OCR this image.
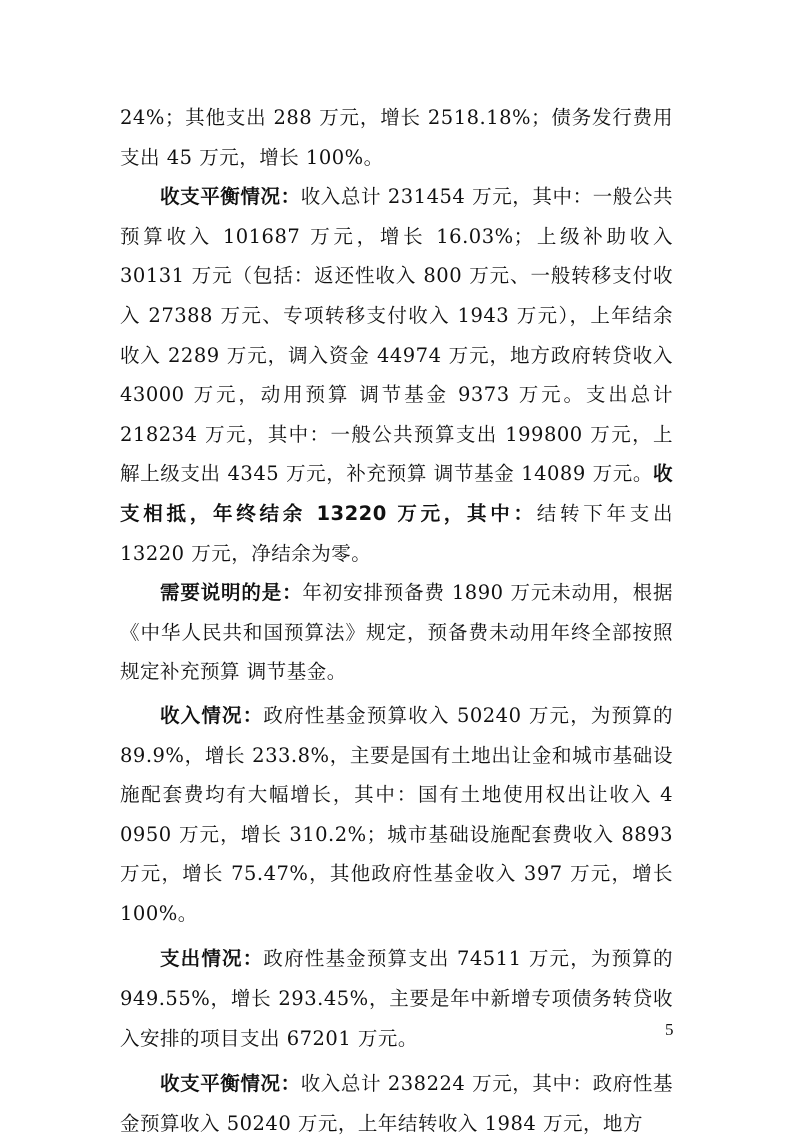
24%；其他支出 288 万元，增长 2518.18%；债务发行费用支出 45 万元，增长 100%。

收支平衡情况：收入总计 231454 万元，其中：一般公共预算收入 101687 万元，增长 16.03%；上级补助收入 30131 万元（包括：返还性收入 800 万元、一般转移支付收入 27388 万元、专项转移支付收入 1943 万元），上年结余收入 2289 万元，调入资金 44974 万元，地方政府转贷收入 43000 万元，动用预算 调节基金 9373 万元。支出总计 218234 万元，其中：一般公共预算支出 199800 万元，上解上级支出 4345 万元，补充预算 调节基金 14089 万元。收支相抵，年终结余 13220 万元，其中：结转下年支出 13220 万元，净结余为零。

需要说明的是：年初安排预备费 1890 万元未动用，根据《中华人民共和国预算法》规定，预备费未动用年终全部按照规定补充预算 调节基金。

收入情况：政府性基金预算收入 50240 万元，为预算的 89.9%，增长 233.8%，主要是国有土地出让金和城市基础设施配套费均有大幅增长，其中：国有土地使用权出让收入 4 0950 万元，增长 310.2%；城市基础设施配套费收入 8893 万元，增长 75.47%，其他政府性基金收入 397 万元，增长 100%。

支出情况：政府性基金预算支出 74511 万元，为预算的 949.55%，增长 293.45%，主要是年中新增专项债务转贷收入安排的项目支出 67201 万元。

收支平衡情况：收入总计 238224 万元，其中：政府性基金预算收入 50240 万元，上年结转收入 1984 万元，地方

5
